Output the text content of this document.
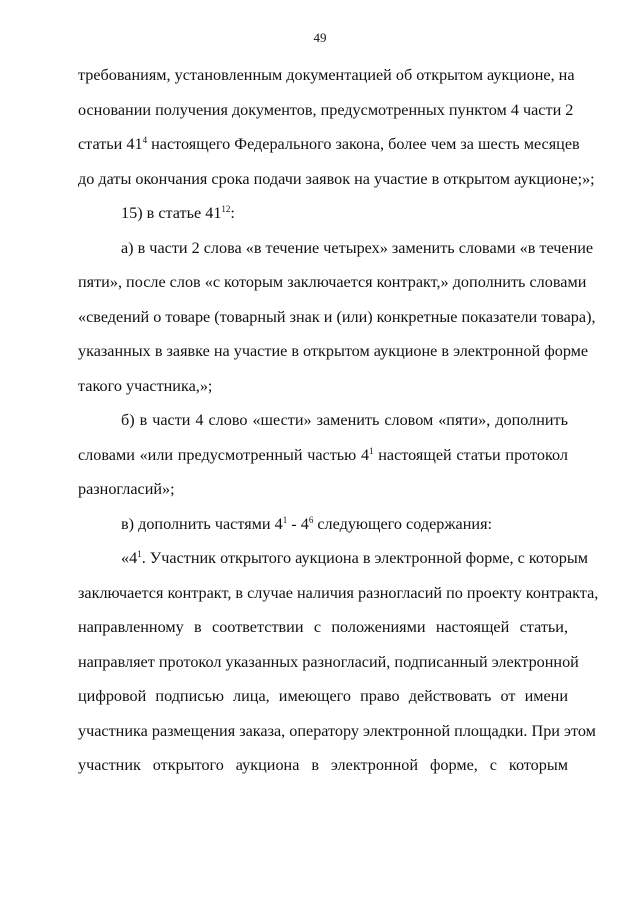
49
требованиям, установленным документацией об открытом аукционе, на
основании получения документов, предусмотренных пунктом 4 части 2
статьи $41^4$ настоящего Федерального закона, более чем за шесть месяцев
до даты окончания срока подачи заявок на участие в открытом аукционе;»;
15) в статье $41^{12}$:
а) в части 2 слова «в течение четырех» заменить словами «в течение
пяти», после слов «с которым заключается контракт,» дополнить словами
«сведений о товаре (товарный знак и (или) конкретные показатели товара),
указанных в заявке на участие в открытом аукционе в электронной форме
такого участника,»;
б) в части 4 слово «шести» заменить словом «пяти», дополнить
словами «или предусмотренный частью $4^1$ настоящей статьи протокол
разногласий»;
в) дополнить частями $4^1 - 4^6$ следующего содержания:
«$4^1$. Участник открытого аукциона в электронной форме, с которым
заключается контракт, в случае наличия разногласий по проекту контракта,
направленному в соответствии с положениями настоящей статьи,
направляет протокол указанных разногласий, подписанный электронной
цифровой подписью лица, имеющего право действовать от имени
участника размещения заказа, оператору электронной площадки. При этом
участник открытого аукциона в электронной форме, с которым
